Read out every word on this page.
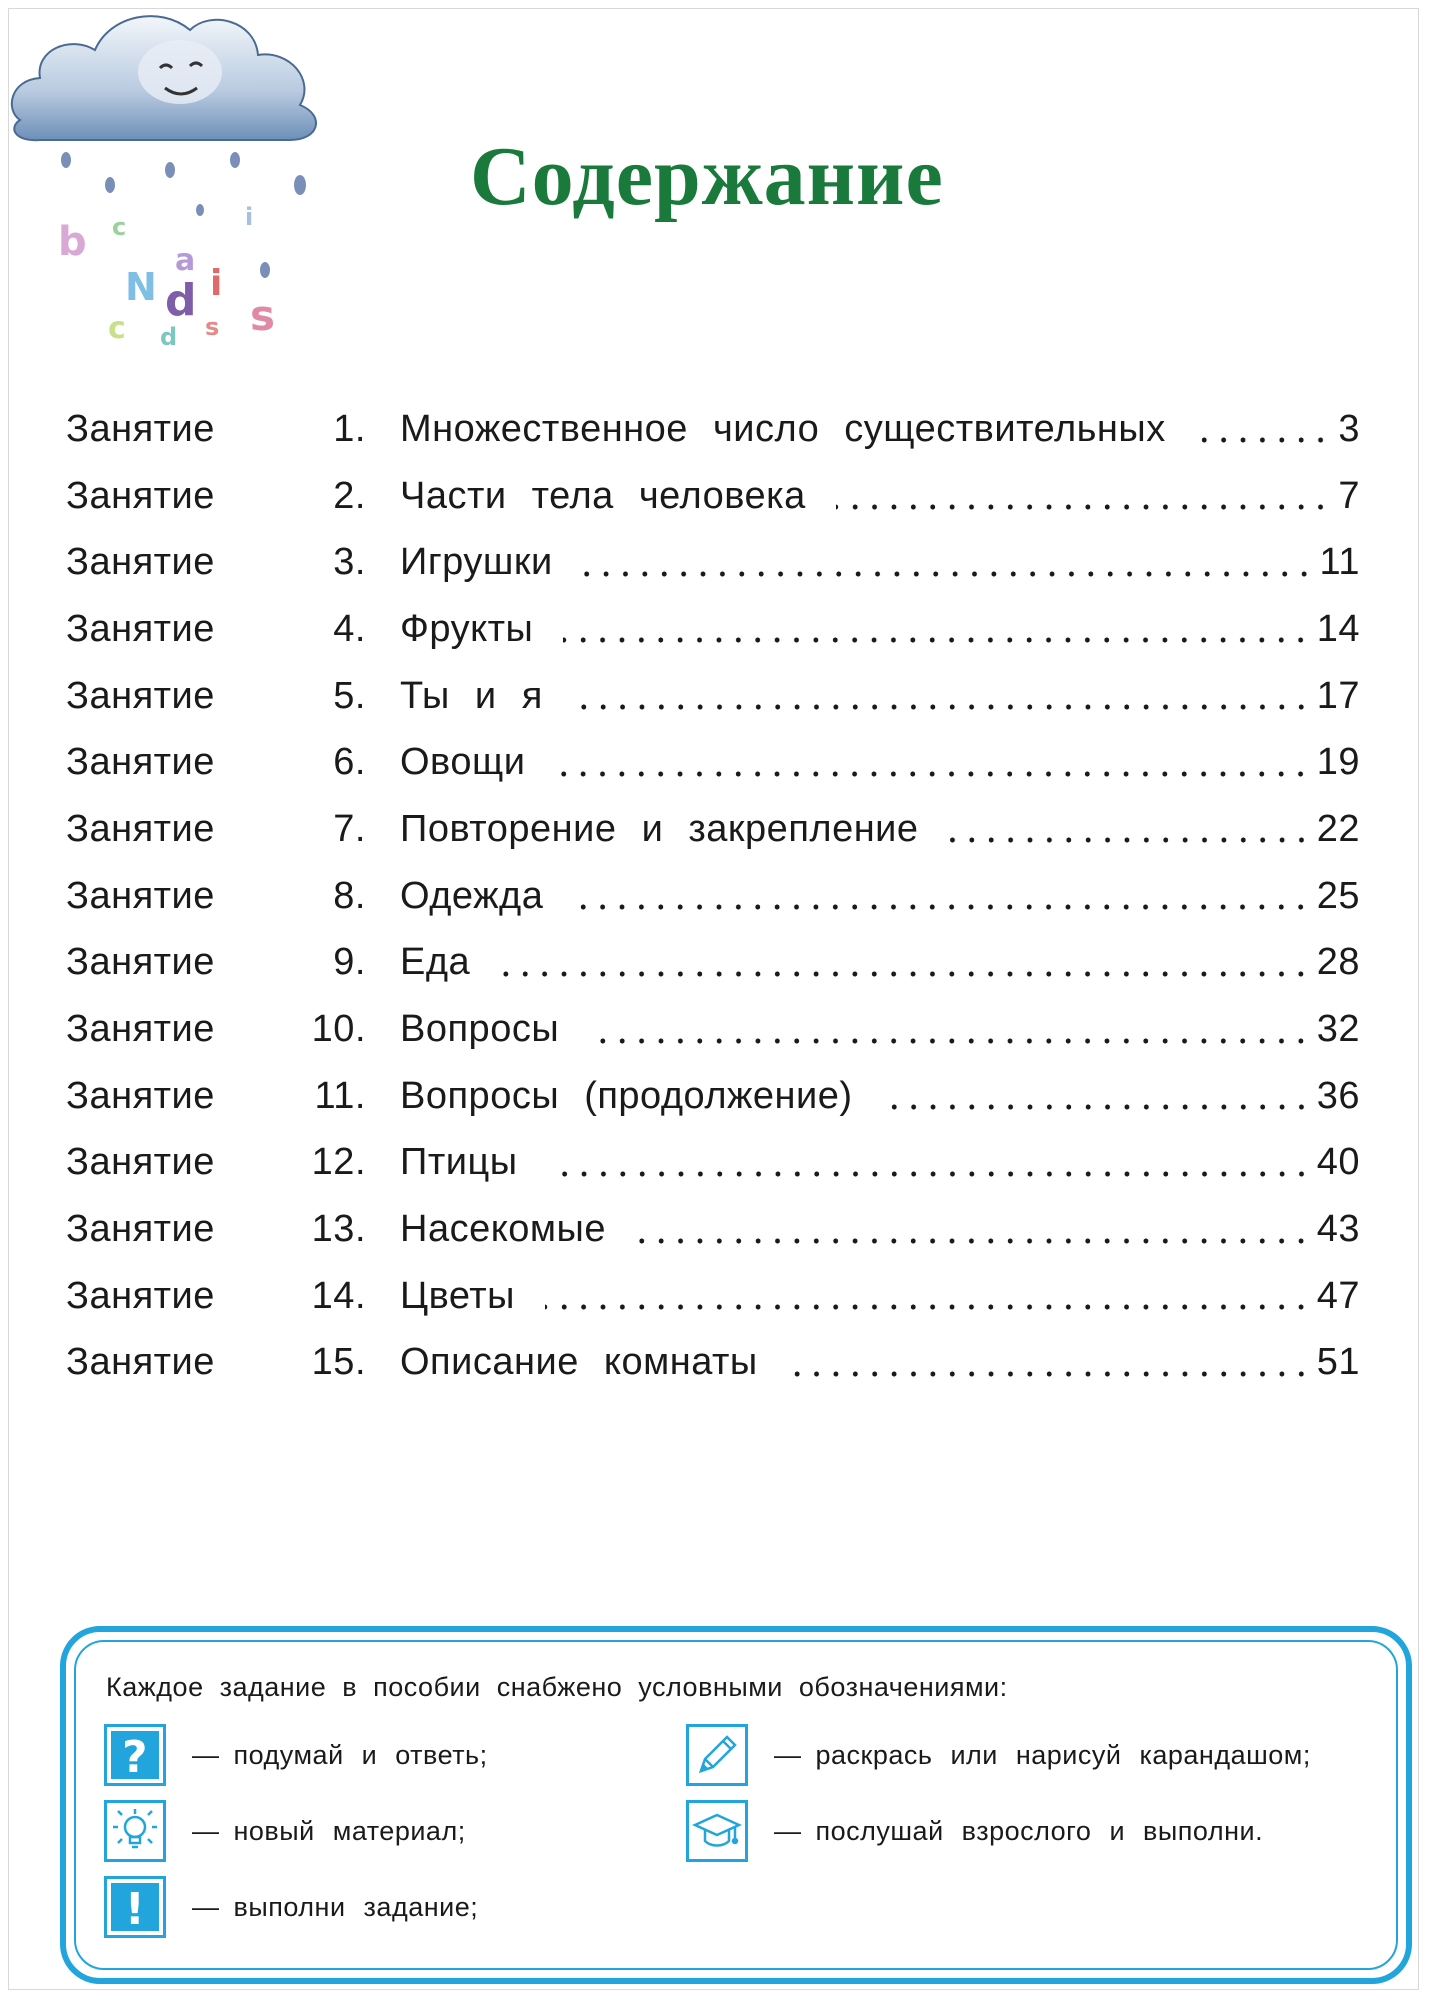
b c
N d
a
c d s
i
s
i	Содержание
Занятие	1. Множественное число существительных	3
Занятие	2. Части тела человека	7
Занятие	3. Игрушки	11
Занятие	4. Фрукты	14
Занятие	5. Ты и я	17
Занятие	6. Овощи	19
Занятие	7. Повторение и закрепление	22
Занятие	8. Одежда	25
Занятие	9. Еда	28
Занятие	10. Вопросы	32
Занятие	11. Вопросы (продолжение)	36
Занятие	12. Птицы	40
Занятие	13. Насекомые	43
Занятие	14. Цветы	47
Занятие	15. Описание комнаты	51
Каждое задание в пособии снабжено условными обозначениями:
? — подумай и ответь;
— новый материал;
! — выполни задание;
— раскрась или нарисуй карандашом;
— послушай взрослого и выполни.
